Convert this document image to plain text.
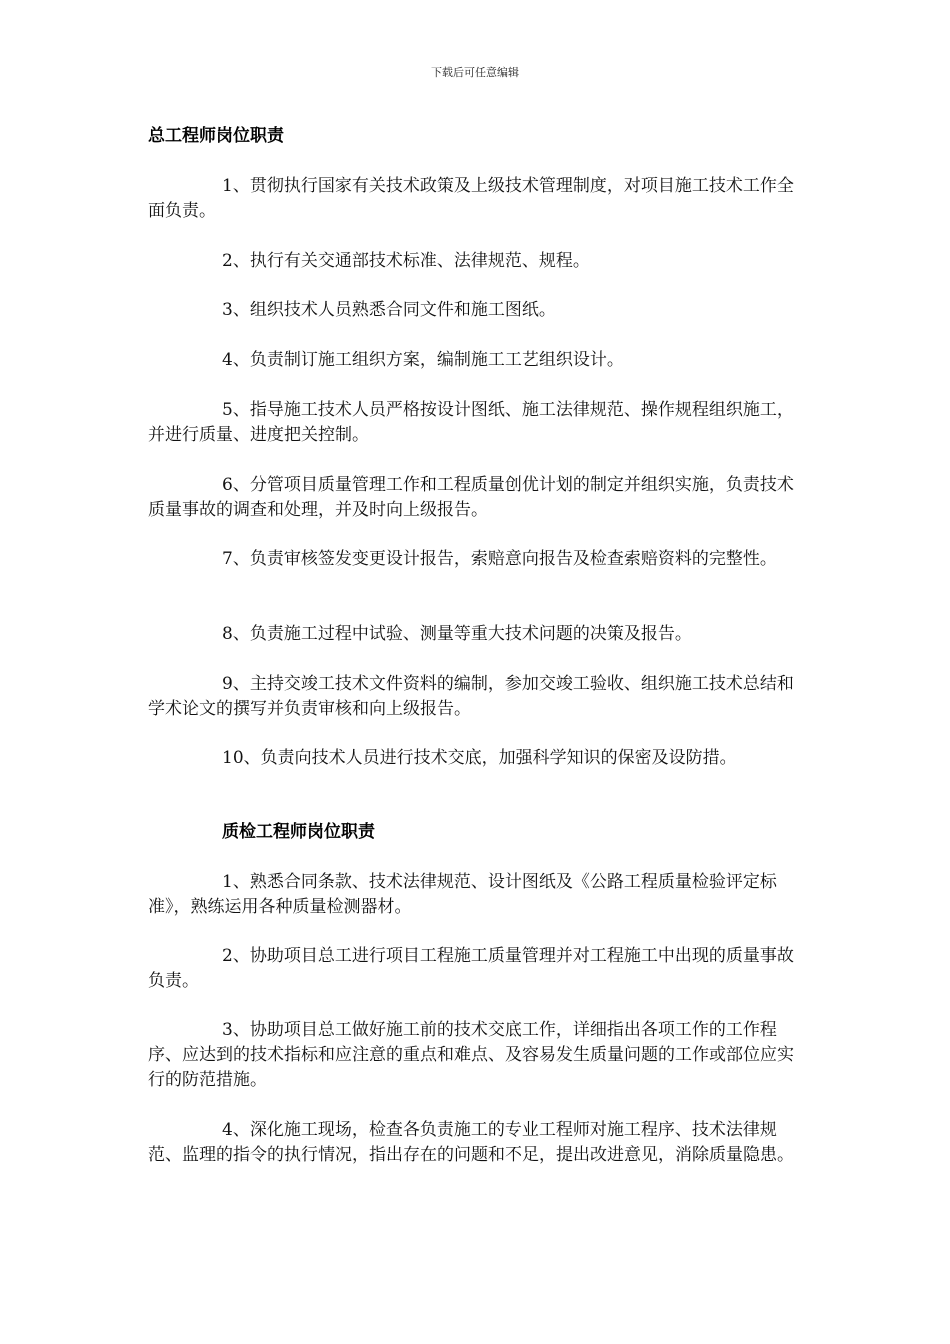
下载后可任意编辑
总工程师岗位职责

1、贯彻执行国家有关技术政策及上级技术管理制度，对项目施工技术工作全面负责。

2、执行有关交通部技术标准、法律规范、规程。

3、组织技术人员熟悉合同文件和施工图纸。

4、负责制订施工组织方案，编制施工工艺组织设计。

5、指导施工技术人员严格按设计图纸、施工法律规范、操作规程组织施工，并进行质量、进度把关控制。

6、分管项目质量管理工作和工程质量创优计划的制定并组织实施，负责技术质量事故的调查和处理，并及时向上级报告。

7、负责审核签发变更设计报告，索赔意向报告及检查索赔资料的完整性。

8、负责施工过程中试验、测量等重大技术问题的决策及报告。

9、主持交竣工技术文件资料的编制，参加交竣工验收、组织施工技术总结和学术论文的撰写并负责审核和向上级报告。

10、负责向技术人员进行技术交底，加强科学知识的保密及设防措。

质检工程师岗位职责

1、熟悉合同条款、技术法律规范、设计图纸及《公路工程质量检验评定标准》，熟练运用各种质量检测器材。

2、协助项目总工进行项目工程施工质量管理并对工程施工中出现的质量事故负责。

3、协助项目总工做好施工前的技术交底工作，详细指出各项工作的工作程序、应达到的技术指标和应注意的重点和难点、及容易发生质量问题的工作或部位应实行的防范措施。

4、深化施工现场，检查各负责施工的专业工程师对施工程序、技术法律规范、监理的指令的执行情况，指出存在的问题和不足，提出改进意见，消除质量隐患。
